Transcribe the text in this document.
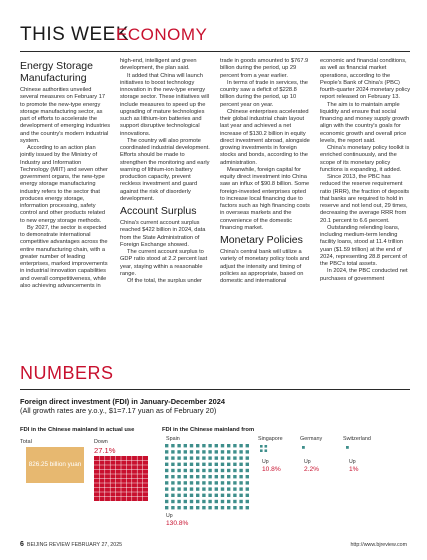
THIS WEEK
ECONOMY
Energy Storage Manufacturing

Chinese authorities unveiled several measures on February 17 to promote the new-type energy storage manufacturing sector, as part of efforts to accelerate the development of emerging industries and the country's modern industrial system.

According to an action plan jointly issued by the Ministry of Industry and Information Technology (MIIT) and seven other government organs, the new-type energy storage manufacturing industry refers to the sector that produces energy storage, information processing, safety control and other products related to new energy storage methods.

By 2027, the sector is expected to demonstrate international competitive advantages across the entire manufacturing chain, with a greater number of leading enterprises, marked improvements in industrial innovation capabilities and overall competitiveness, while also achieving advancements in

high-end, intelligent and green development, the plan said.

It added that China will launch initiatives to boost technology innovation in the new-type energy storage sector. These initiatives will include measures to speed up the upgrading of mature technologies such as lithium-ion batteries and support disruptive technological innovations.

The country will also promote coordinated industrial development. Efforts should be made to strengthen the monitoring and early warning of lithium-ion battery production capacity, prevent reckless investment and guard against the risk of disorderly development.

Account Surplus

China's current account surplus reached $422 billion in 2024, data from the State Administration of Foreign Exchange showed.

The current account surplus to GDP ratio stood at 2.2 percent last year, staying within a reasonable range.

Of the total, the surplus under

trade in goods amounted to $767.9 billion during the period, up 29 percent from a year earlier.

In terms of trade in services, the country saw a deficit of $228.8 billion during the period, up 10 percent year on year.

Chinese enterprises accelerated their global industrial chain layout last year and achieved a net increase of $130.2 billion in equity direct investment abroad, alongside growing investments in foreign stocks and bonds, according to the administration.

Meanwhile, foreign capital for equity direct investment into China saw an influx of $90.8 billion. Some foreign-invested enterprises opted to increase local financing due to factors such as high financing costs in overseas markets and the convenience of the domestic financing market.

Monetary Policies

China's central bank will utilize a variety of monetary policy tools and adjust the intensity and timing of policies as appropriate, based on domestic and international

economic and financial conditions, as well as financial market operations, according to the People's Bank of China's (PBC) fourth-quarter 2024 monetary policy report released on February 13.

The aim is to maintain ample liquidity and ensure that social financing and money supply growth align with the country's goals for economic growth and overall price levels, the report said.

China's monetary policy toolkit is enriched continuously, and the scope of its monetary policy functions is expanding, it added.

Since 2013, the PBC has reduced the reserve requirement ratio (RRR), the fraction of deposits that banks are required to hold in reserve and not lend out, 29 times, decreasing the average RRR from 20.1 percent to 6.6 percent.

Outstanding relending loans, including medium-term lending facility loans, stood at 11.4 trillion yuan ($1.59 trillion) at the end of 2024, representing 28.8 percent of the PBC's total assets.

In 2024, the PBC conducted net purchases of government

NUMBERS
Foreign direct investment (FDI) in January-December 2024
(All growth rates are y.o.y., $1=7.17 yuan as of February 20)
FDI in the Chinese mainland in actual use
Total
826.25 billion yuan
Down
27.1%
FDI in the Chinese mainland from
Spain
Up
130.8%
Singapore
Up
10.8%
Germany
Up
2.2%
Switzerland
Up
1%
6 BEIJING REVIEW FEBRUARY 27, 2025	http://www.bjreview.com
